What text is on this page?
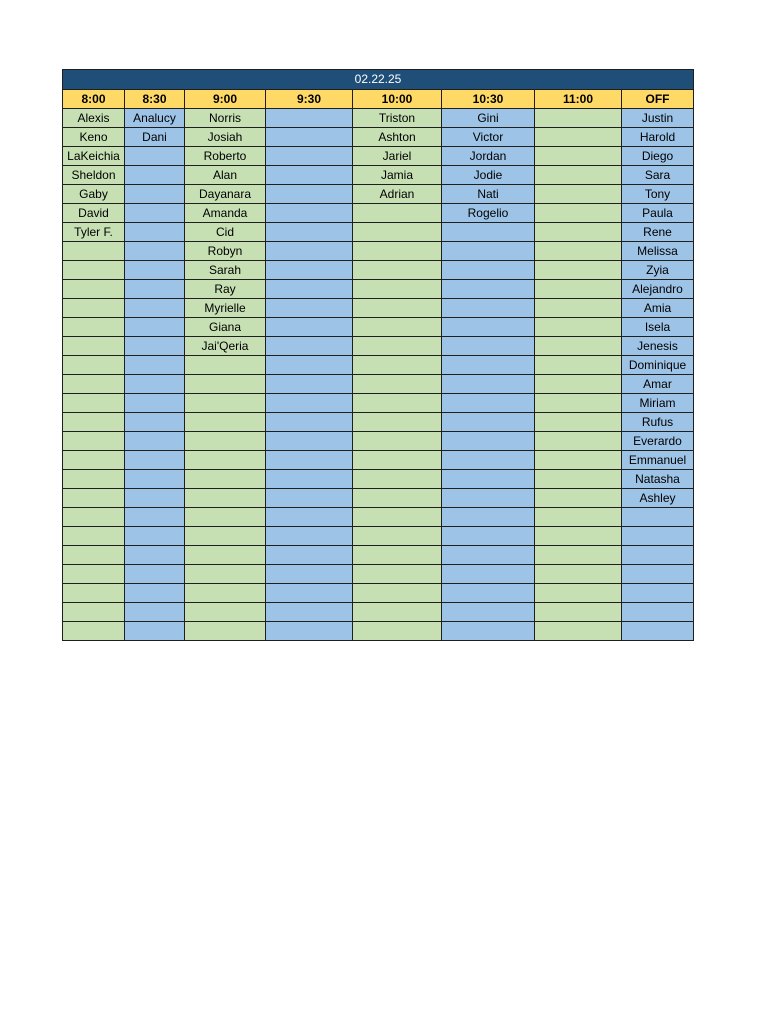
02.22.25							
8:00	8:30	9:00	9:30	10:00	10:30	11:00	OFF
Alexis	Analucy	Norris		Triston	Gini		Justin
Keno	Dani	Josiah		Ashton	Victor		Harold
LaKeichia		Roberto		Jariel	Jordan		Diego
Sheldon		Alan		Jamia	Jodie		Sara
Gaby		Dayanara		Adrian	Nati		Tony
David		Amanda			Rogelio		Paula
Tyler F.		Cid					Rene
		Robyn					Melissa
		Sarah					Zyia
		Ray					Alejandro
		Myrielle					Amia
		Giana					Isela
		Jai'Qeria					Jenesis
							Dominique
							Amar
							Miriam
							Rufus
							Everardo
							Emmanuel
							Natasha
							Ashley
